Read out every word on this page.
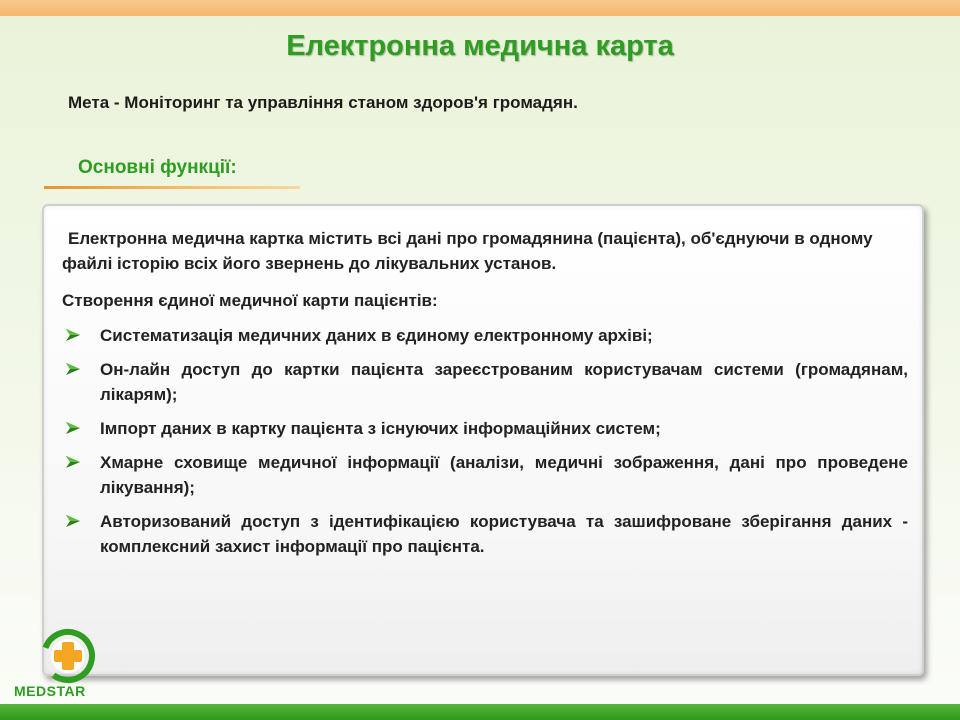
Електронна медична карта
Мета - Моніторинг та управління станом здоров'я громадян.
Основні функції:

Електронна медична картка містить всі дані про громадянина (пацієнта), об'єднуючи в одному файлі історію всіх його звернень до лікувальних установ.

Створення єдиної медичної карти пацієнтів:

Систематизація медичних даних в єдиному електронному архіві;
Он-лайн доступ до картки пацієнта зареєстрованим користувачам системи (громадянам, лікарям);
Імпорт даних в картку пацієнта з існуючих інформаційних систем;
Хмарне сховище медичної інформації (аналізи, медичні зображення, дані про проведене лікування);
Авторизований доступ з ідентифікацією користувача та зашифроване зберігання даних - комплексний захист інформації про пацієнта.
MEDSTAR
